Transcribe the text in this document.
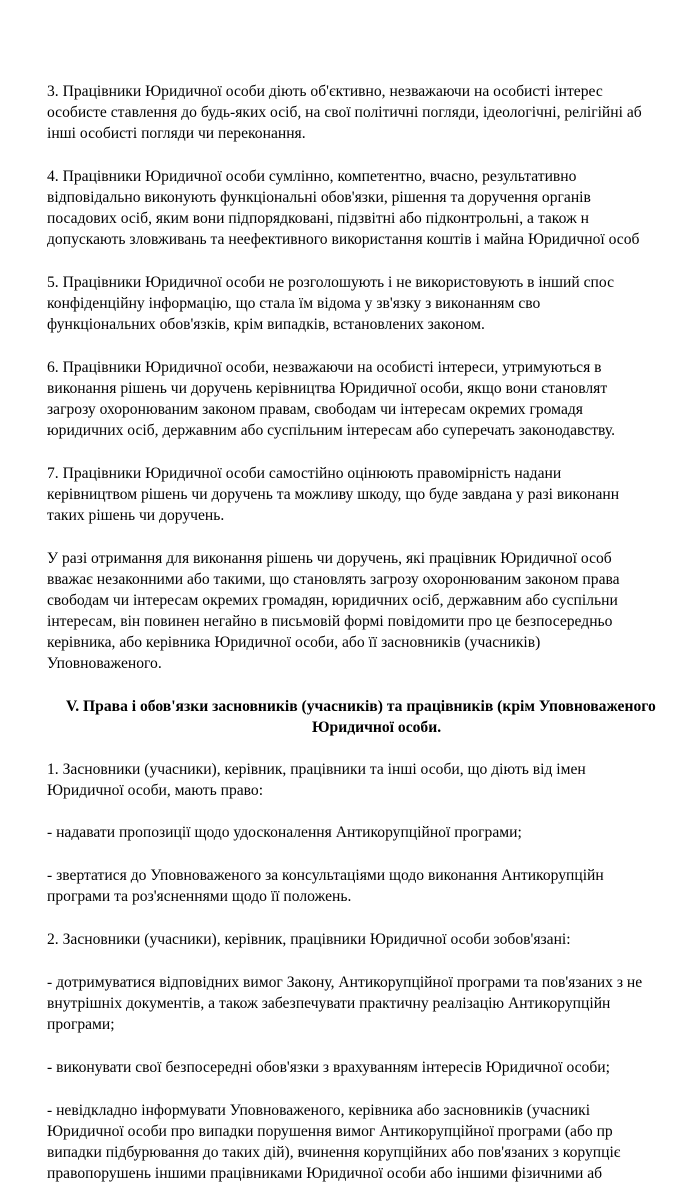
3. Працівники Юридичної особи діють об'єктивно, незважаючи на особисті інтерес
особисте ставлення до будь-яких осіб, на свої політичні погляди, ідеологічні, релігійні аб
інші особисті погляди чи переконання.
4. Працівники Юридичної особи сумлінно, компетентно, вчасно, результативно
відповідально виконують функціональні обов'язки, рішення та доручення органів
посадових осіб, яким вони підпорядковані, підзвітні або підконтрольні, а також н
допускають зловживань та неефективного використання коштів і майна Юридичної особ
5. Працівники Юридичної особи не розголошують і не використовують в інший спос
конфіденційну інформацію, що стала їм відома у зв'язку з виконанням сво
функціональних обов'язків, крім випадків, встановлених законом.
6. Працівники Юридичної особи, незважаючи на особисті інтереси, утримуються в
виконання рішень чи доручень керівництва Юридичної особи, якщо вони становлят
загрозу охоронюваним законом правам, свободам чи інтересам окремих громадя
юридичних осіб, державним або суспільним інтересам або суперечать законодавству.
7. Працівники Юридичної особи самостійно оцінюють правомірність надани
керівництвом рішень чи доручень та можливу шкоду, що буде завдана у разі виконанн
таких рішень чи доручень.
У разі отримання для виконання рішень чи доручень, які працівник Юридичної особ
вважає незаконними або такими, що становлять загрозу охоронюваним законом права
свободам чи інтересам окремих громадян, юридичних осіб, державним або суспільни
інтересам, він повинен негайно в письмовій формі повідомити про це безпосередньо
керівника, або керівника Юридичної особи, або її засновників (учасників)
Уповноваженого.
V. Права і обов'язки засновників (учасників) та працівників (крім Уповноваженого
Юридичної особи.
1. Засновники (учасники), керівник, працівники та інші особи, що діють від імен
Юридичної особи, мають право:
- надавати пропозиції щодо удосконалення Антикорупційної програми;
- звертатися до Уповноваженого за консультаціями щодо виконання Антикорупційн
програми та роз'ясненнями щодо її положень.
2. Засновники (учасники), керівник, працівники Юридичної особи зобов'язані:
- дотримуватися відповідних вимог Закону, Антикорупційної програми та пов'язаних з не
внутрішніх документів, а також забезпечувати практичну реалізацію Антикорупційн
програми;
- виконувати свої безпосередні обов'язки з врахуванням інтересів Юридичної особи;
- невідкладно інформувати Уповноваженого, керівника або засновників (учасникі
Юридичної особи про випадки порушення вимог Антикорупційної програми (або пр
випадки підбурювання до таких дій), вчинення корупційних або пов'язаних з корупціє
правопорушень іншими працівниками Юридичної особи або іншими фізичними аб
